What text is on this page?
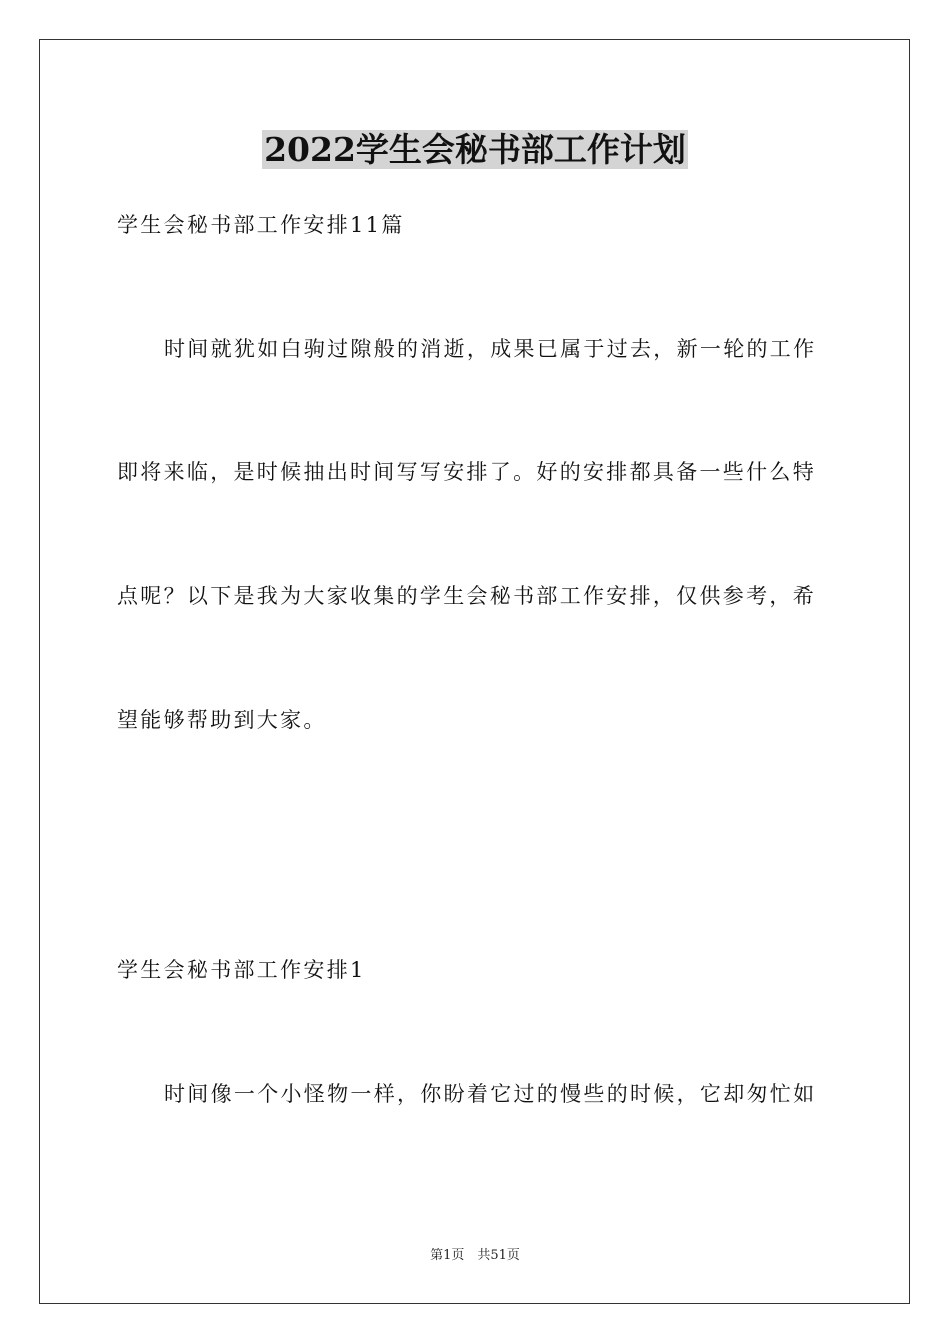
2022学生会秘书部工作计划

学生会秘书部工作安排11篇

时间就犹如白驹过隙般的消逝，成果已属于过去，新一轮的工作

即将来临，是时候抽出时间写写安排了。好的安排都具备一些什么特

点呢？以下是我为大家收集的学生会秘书部工作安排，仅供参考，希

望能够帮助到大家。

学生会秘书部工作安排1

时间像一个小怪物一样，你盼着它过的慢些的时候，它却匆忙如

第1页　共51页
